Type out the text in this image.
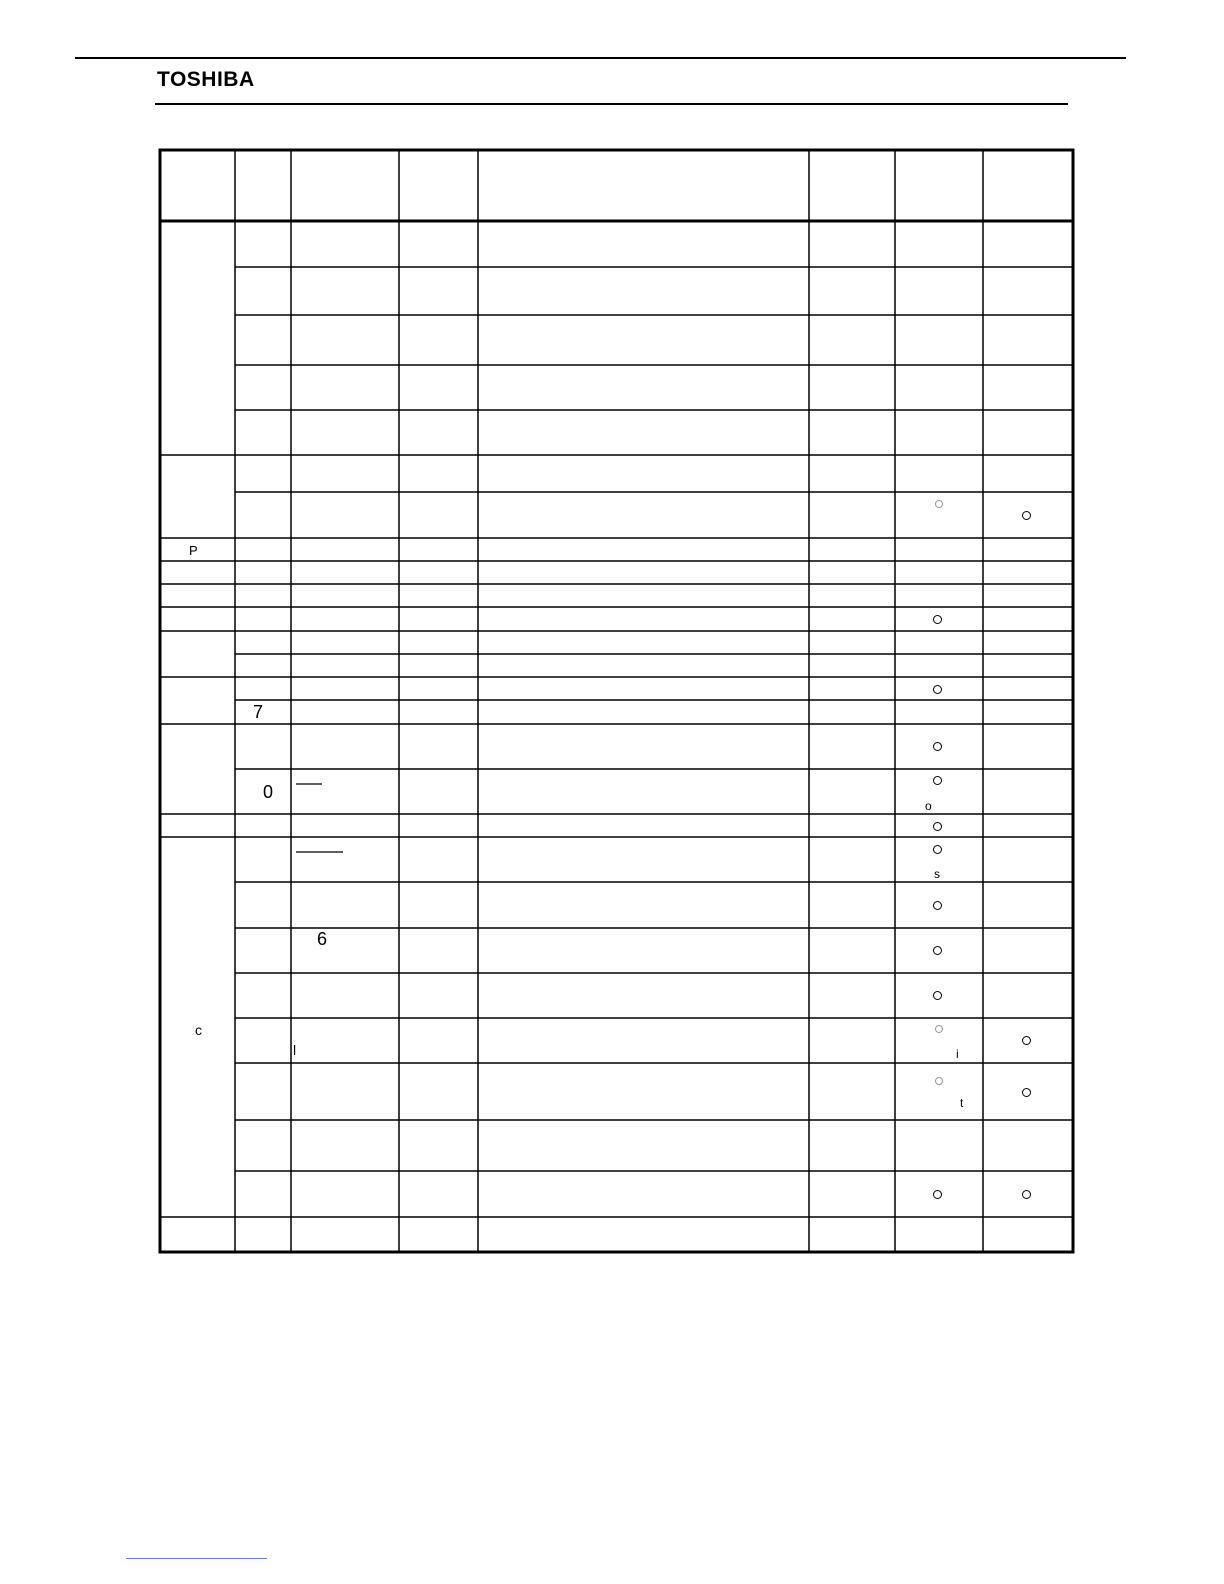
TOSHIBA
P
7
0
6
c
l
o
s
i
t
